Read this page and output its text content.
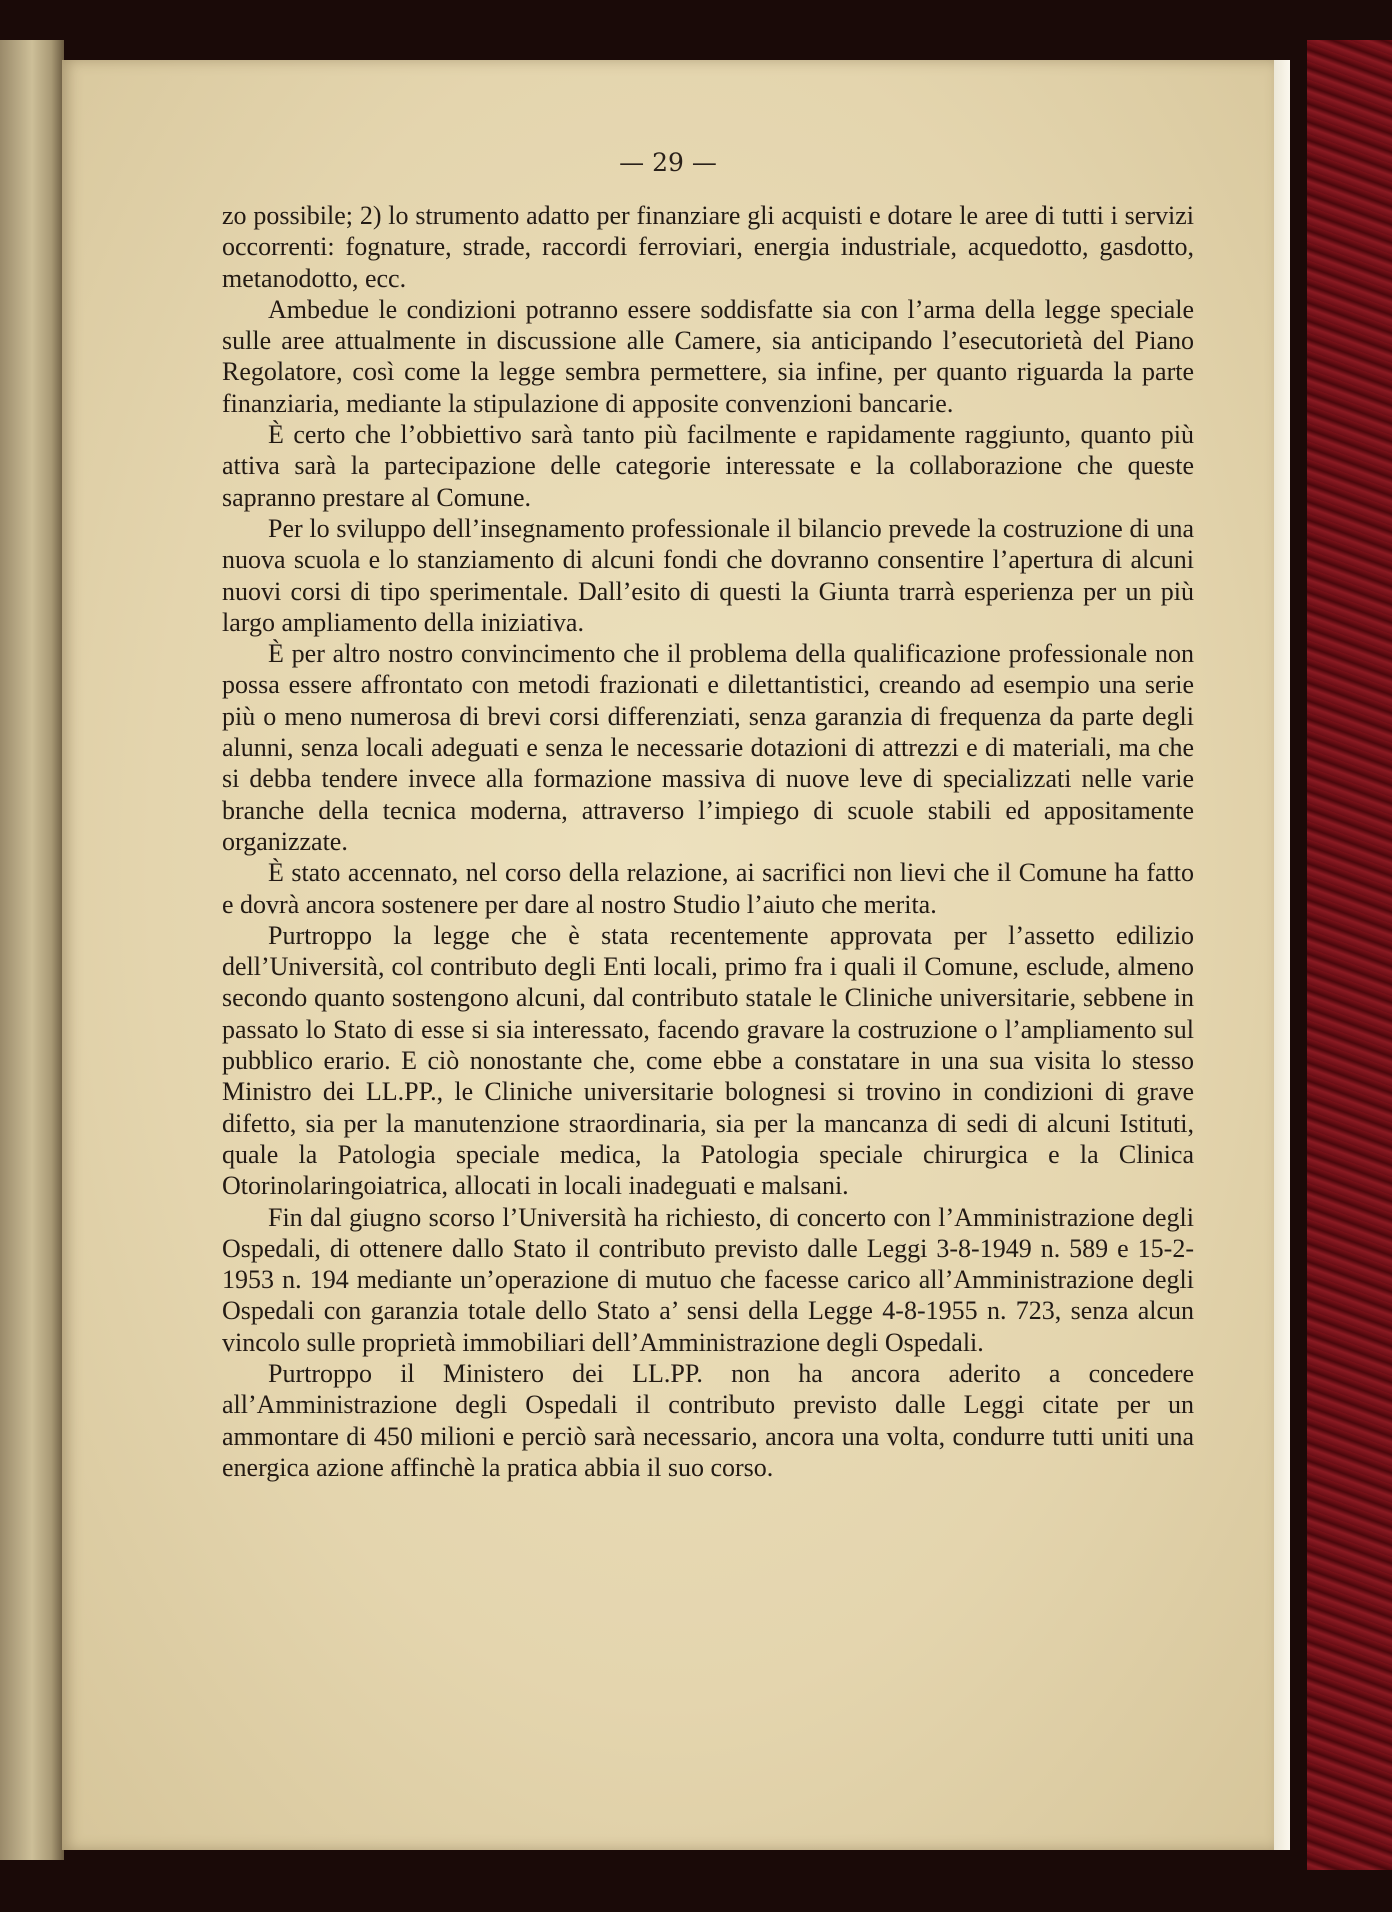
— 29 —

zo possibile; 2) lo strumento adatto per finanziare gli acquisti e dotare le aree di tutti i servizi occorrenti: fognature, strade, raccordi ferroviari, energia industriale, acquedotto, gasdotto, metanodotto, ecc.

Ambedue le condizioni potranno essere soddisfatte sia con l’arma della legge speciale sulle aree attualmente in discussione alle Camere, sia anticipando l’esecutorietà del Piano Regolatore, così come la legge sembra permettere, sia infine, per quanto riguarda la parte finanziaria, mediante la stipulazione di apposite convenzioni bancarie.

È certo che l’obbiettivo sarà tanto più facilmente e rapidamente raggiunto, quanto più attiva sarà la partecipazione delle categorie interessate e la collaborazione che queste sapranno prestare al Comune.

Per lo sviluppo dell’insegnamento professionale il bilancio prevede la costruzione di una nuova scuola e lo stanziamento di alcuni fondi che dovranno consentire l’apertura di alcuni nuovi corsi di tipo sperimentale. Dall’esito di questi la Giunta trarrà esperienza per un più largo ampliamento della iniziativa.

È per altro nostro convincimento che il problema della qualificazione professionale non possa essere affrontato con metodi frazionati e dilettantistici, creando ad esempio una serie più o meno numerosa di brevi corsi differenziati, senza garanzia di frequenza da parte degli alunni, senza locali adeguati e senza le necessarie dotazioni di attrezzi e di materiali, ma che si debba tendere invece alla formazione massiva di nuove leve di specializzati nelle varie branche della tecnica moderna, attraverso l’impiego di scuole stabili ed appositamente organizzate.

È stato accennato, nel corso della relazione, ai sacrifici non lievi che il Comune ha fatto e dovrà ancora sostenere per dare al nostro Studio l’aiuto che merita.

Purtroppo la legge che è stata recentemente approvata per l’assetto edilizio dell’Università, col contributo degli Enti locali, primo fra i quali il Comune, esclude, almeno secondo quanto sostengono alcuni, dal contributo statale le Cliniche universitarie, sebbene in passato lo Stato di esse si sia interessato, facendo gravare la costruzione o l’ampliamento sul pubblico erario. E ciò nonostante che, come ebbe a constatare in una sua visita lo stesso Ministro dei LL.PP., le Cliniche universitarie bolognesi si trovino in condizioni di grave difetto, sia per la manutenzione straordinaria, sia per la mancanza di sedi di alcuni Istituti, quale la Patologia speciale medica, la Patologia speciale chirurgica e la Clinica Otorinolaringoiatrica, allocati in locali inadeguati e malsani.

Fin dal giugno scorso l’Università ha richiesto, di concerto con l’Amministrazione degli Ospedali, di ottenere dallo Stato il contributo previsto dalle Leggi 3-8-1949 n. 589 e 15-2-1953 n. 194 mediante un’operazione di mutuo che facesse carico all’Amministrazione degli Ospedali con garanzia totale dello Stato a’ sensi della Legge 4-8-1955 n. 723, senza alcun vincolo sulle proprietà immobiliari dell’Amministrazione degli Ospedali.

Purtroppo il Ministero dei LL.PP. non ha ancora aderito a concedere all’Amministrazione degli Ospedali il contributo previsto dalle Leggi citate per un ammontare di 450 milioni e perciò sarà necessario, ancora una volta, condurre tutti uniti una energica azione affinchè la pratica abbia il suo corso.
